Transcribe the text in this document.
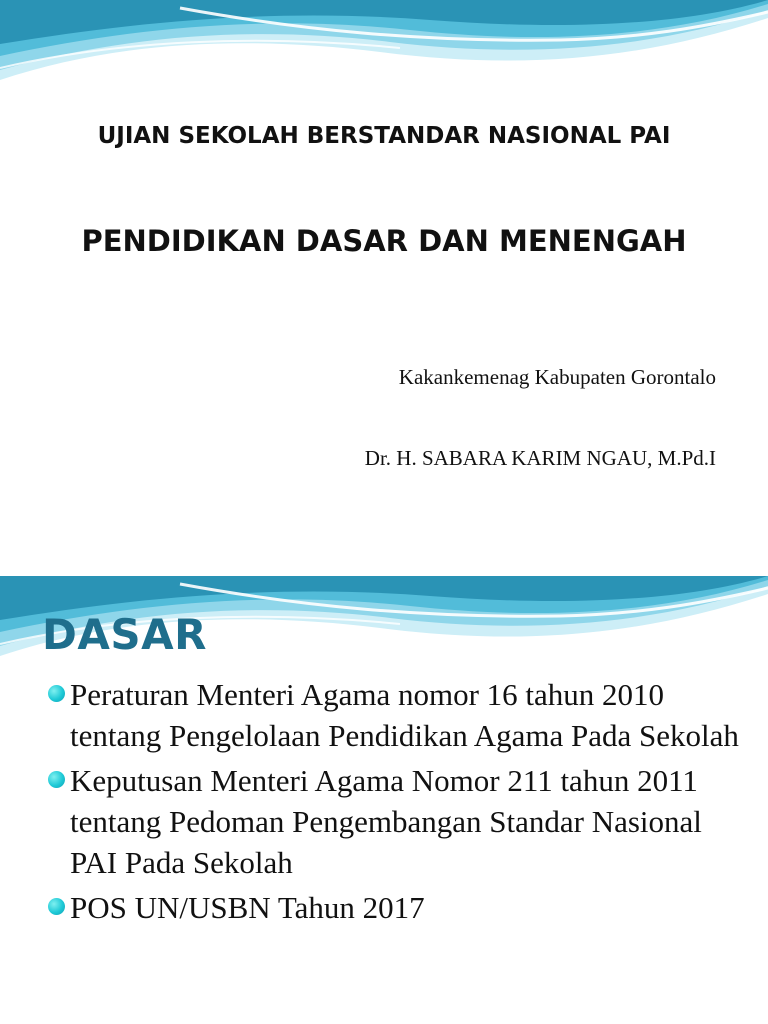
UJIAN SEKOLAH BERSTANDAR NASIONAL PAI
PENDIDIKAN DASAR DAN MENENGAH

Kakankemenag Kabupaten Gorontalo

Dr. H. SABARA KARIM NGAU, M.Pd.I

DASAR
Peraturan Menteri Agama nomor 16 tahun 2010 tentang Pengelolaan Pendidikan Agama Pada Sekolah
Keputusan Menteri Agama Nomor 211 tahun 2011 tentang Pedoman Pengembangan Standar Nasional PAI Pada Sekolah
POS UN/USBN Tahun 2017
